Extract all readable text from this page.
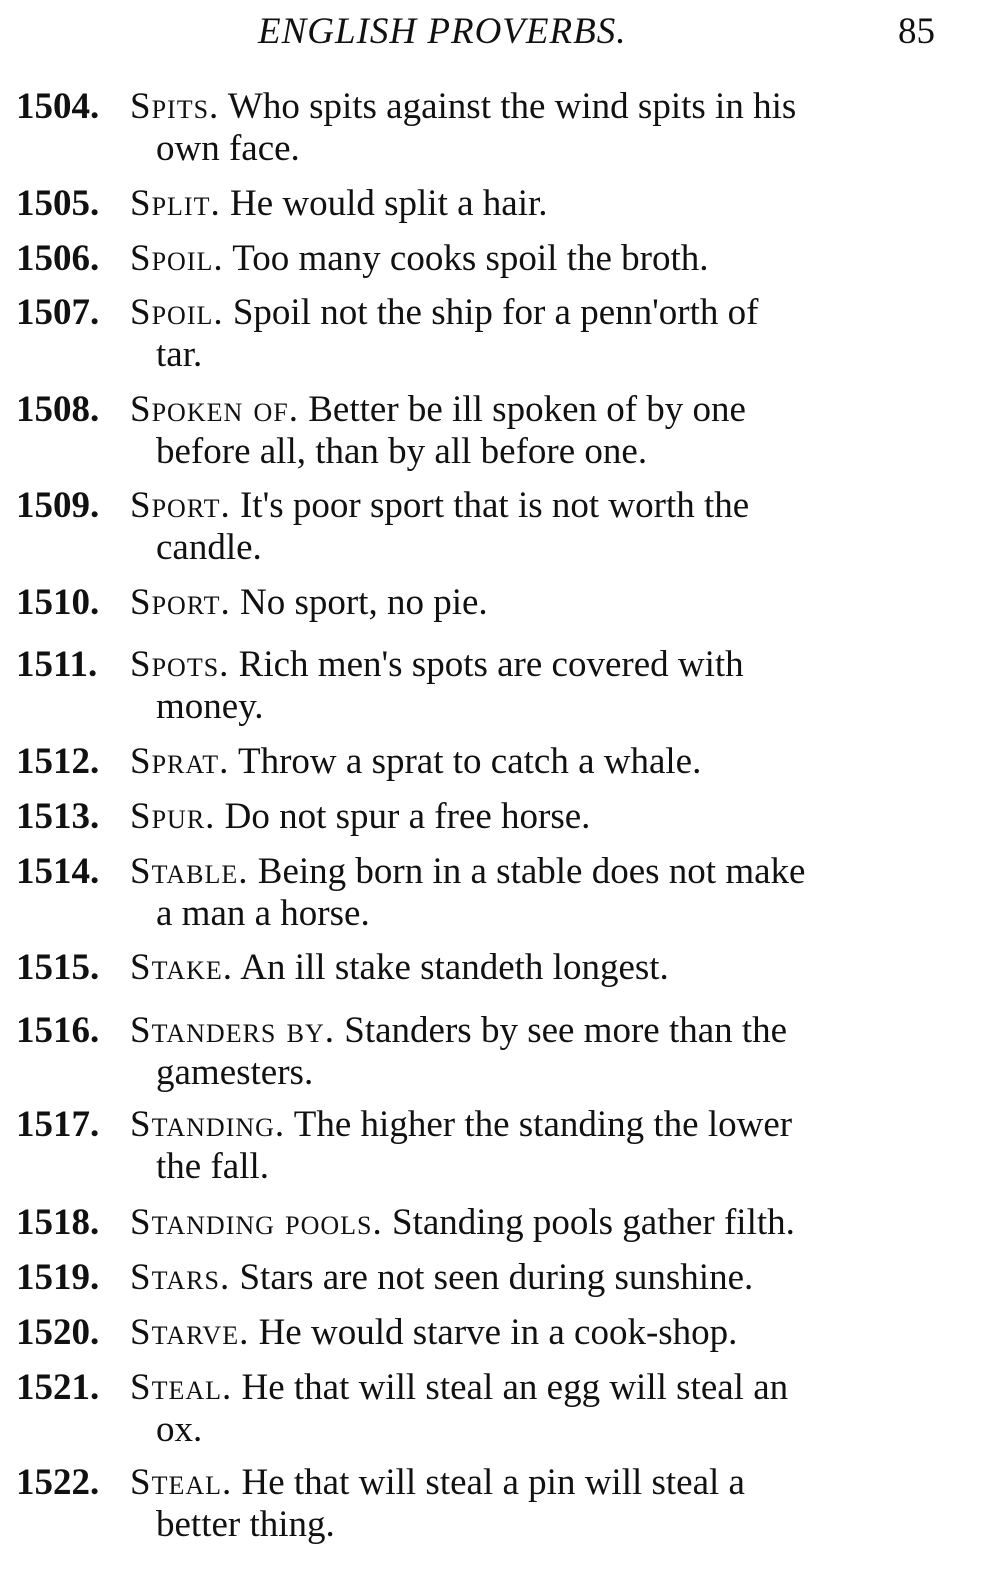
ENGLISH PROVERBS.	85
1504. Spits. Who spits against the wind spits in his
own face.
1505. Split. He would split a hair.
1506. Spoil. Too many cooks spoil the broth.
1507. Spoil. Spoil not the ship for a penn'orth of
tar.
1508. Spoken of. Better be ill spoken of by one
before all, than by all before one.
1509. Sport. It's poor sport that is not worth the
candle.
1510. Sport. No sport, no pie.
1511. Spots. Rich men's spots are covered with
money.
1512. Sprat. Throw a sprat to catch a whale.
1513. Spur. Do not spur a free horse.
1514. Stable. Being born in a stable does not make
a man a horse.
1515. Stake. An ill stake standeth longest.
1516. Standers by. Standers by see more than the
gamesters.
1517. Standing. The higher the standing the lower
the fall.
1518. Standing pools. Standing pools gather filth.
1519. Stars. Stars are not seen during sunshine.
1520. Starve. He would starve in a cook-shop.
1521. Steal. He that will steal an egg will steal an
ox.
1522. Steal. He that will steal a pin will steal a
better thing.
